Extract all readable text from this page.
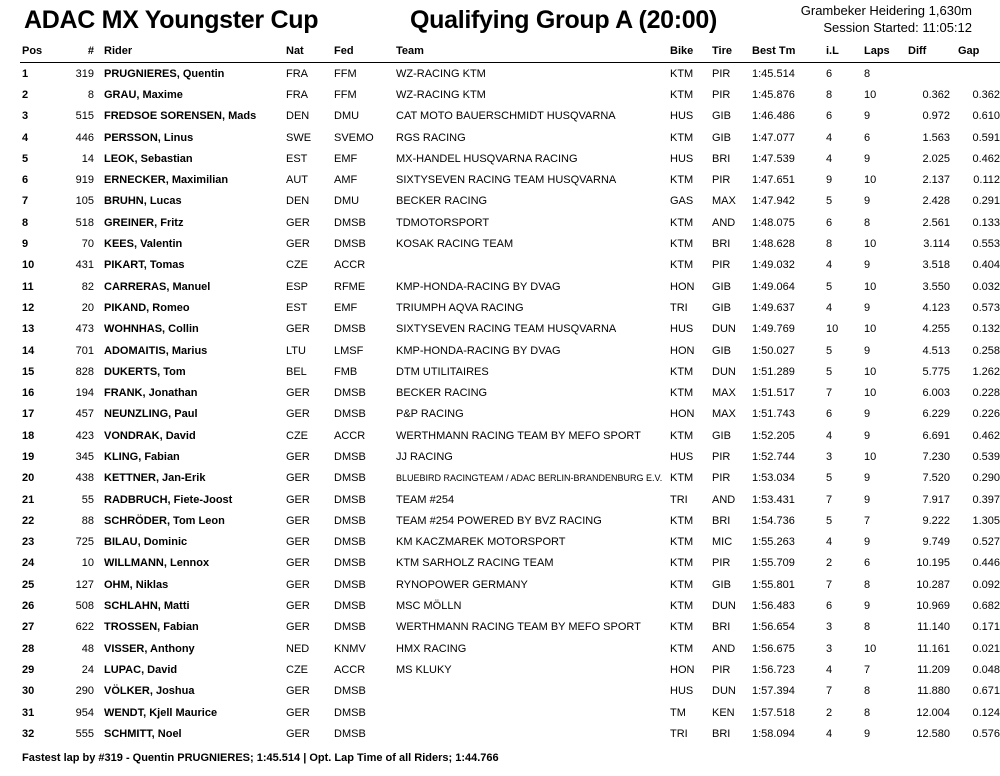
ADAC MX Youngster Cup	Qualifying Group A (20:00)	Grambeker Heidering 1,630m
Session Started: 11:05:12
Pos	#	Rider	Nat	Fed	Team	Bike	Tire	Best Tm	i.L	Laps	Diff	Gap
1	319	PRUGNIERES, Quentin	FRA	FFM	WZ-RACING KTM	KTM	PIR	1:45.514	6	8		
2	8	GRAU, Maxime	FRA	FFM	WZ-RACING KTM	KTM	PIR	1:45.876	8	10	0.362	0.362
3	515	FREDSOE SORENSEN, Mads	DEN	DMU	CAT MOTO BAUERSCHMIDT HUSQVARNA	HUS	GIB	1:46.486	6	9	0.972	0.610
4	446	PERSSON, Linus	SWE	SVEMO	RGS RACING	KTM	GIB	1:47.077	4	6	1.563	0.591
5	14	LEOK, Sebastian	EST	EMF	MX-HANDEL HUSQVARNA RACING	HUS	BRI	1:47.539	4	9	2.025	0.462
6	919	ERNECKER, Maximilian	AUT	AMF	SIXTYSEVEN RACING TEAM HUSQVARNA	KTM	PIR	1:47.651	9	10	2.137	0.112
7	105	BRUHN, Lucas	DEN	DMU	BECKER RACING	GAS	MAX	1:47.942	5	9	2.428	0.291
8	518	GREINER, Fritz	GER	DMSB	TDMOTORSPORT	KTM	AND	1:48.075	6	8	2.561	0.133
9	70	KEES, Valentin	GER	DMSB	KOSAK RACING TEAM	KTM	BRI	1:48.628	8	10	3.114	0.553
10	431	PIKART, Tomas	CZE	ACCR		KTM	PIR	1:49.032	4	9	3.518	0.404
11	82	CARRERAS, Manuel	ESP	RFME	KMP-HONDA-RACING BY DVAG	HON	GIB	1:49.064	5	10	3.550	0.032
12	20	PIKAND, Romeo	EST	EMF	TRIUMPH AQVA RACING	TRI	GIB	1:49.637	4	9	4.123	0.573
13	473	WOHNHAS, Collin	GER	DMSB	SIXTYSEVEN RACING TEAM HUSQVARNA	HUS	DUN	1:49.769	10	10	4.255	0.132
14	701	ADOMAITIS, Marius	LTU	LMSF	KMP-HONDA-RACING BY DVAG	HON	GIB	1:50.027	5	9	4.513	0.258
15	828	DUKERTS, Tom	BEL	FMB	DTM UTILITAIRES	KTM	DUN	1:51.289	5	10	5.775	1.262
16	194	FRANK, Jonathan	GER	DMSB	BECKER RACING	KTM	MAX	1:51.517	7	10	6.003	0.228
17	457	NEUNZLING, Paul	GER	DMSB	P&P RACING	HON	MAX	1:51.743	6	9	6.229	0.226
18	423	VONDRAK, David	CZE	ACCR	WERTHMANN RACING TEAM BY MEFO SPORT	KTM	GIB	1:52.205	4	9	6.691	0.462
19	345	KLING, Fabian	GER	DMSB	JJ RACING	HUS	PIR	1:52.744	3	10	7.230	0.539
20	438	KETTNER, Jan-Erik	GER	DMSB	BLUEBIRD RACINGTEAM / ADAC BERLIN-BRANDENBURG E.V.	KTM	PIR	1:53.034	5	9	7.520	0.290
21	55	RADBRUCH, Fiete-Joost	GER	DMSB	TEAM #254	TRI	AND	1:53.431	7	9	7.917	0.397
22	88	SCHRÖDER, Tom Leon	GER	DMSB	TEAM #254 POWERED BY BVZ RACING	KTM	BRI	1:54.736	5	7	9.222	1.305
23	725	BILAU, Dominic	GER	DMSB	KM KACZMAREK MOTORSPORT	KTM	MIC	1:55.263	4	9	9.749	0.527
24	10	WILLMANN, Lennox	GER	DMSB	KTM SARHOLZ RACING TEAM	KTM	PIR	1:55.709	2	6	10.195	0.446
25	127	OHM, Niklas	GER	DMSB	RYNOPOWER GERMANY	KTM	GIB	1:55.801	7	8	10.287	0.092
26	508	SCHLAHN, Matti	GER	DMSB	MSC MÖLLN	KTM	DUN	1:56.483	6	9	10.969	0.682
27	622	TROSSEN, Fabian	GER	DMSB	WERTHMANN RACING TEAM BY MEFO SPORT	KTM	BRI	1:56.654	3	8	11.140	0.171
28	48	VISSER, Anthony	NED	KNMV	HMX RACING	KTM	AND	1:56.675	3	10	11.161	0.021
29	24	LUPAC, David	CZE	ACCR	MS KLUKY	HON	PIR	1:56.723	4	7	11.209	0.048
30	290	VÖLKER, Joshua	GER	DMSB		HUS	DUN	1:57.394	7	8	11.880	0.671
31	954	WENDT, Kjell Maurice	GER	DMSB		TM	KEN	1:57.518	2	8	12.004	0.124
32	555	SCHMITT, Noel	GER	DMSB		TRI	BRI	1:58.094	4	9	12.580	0.576
Fastest lap by #319 - Quentin PRUGNIERES; 1:45.514 | Opt. Lap Time of all Riders; 1:44.766
